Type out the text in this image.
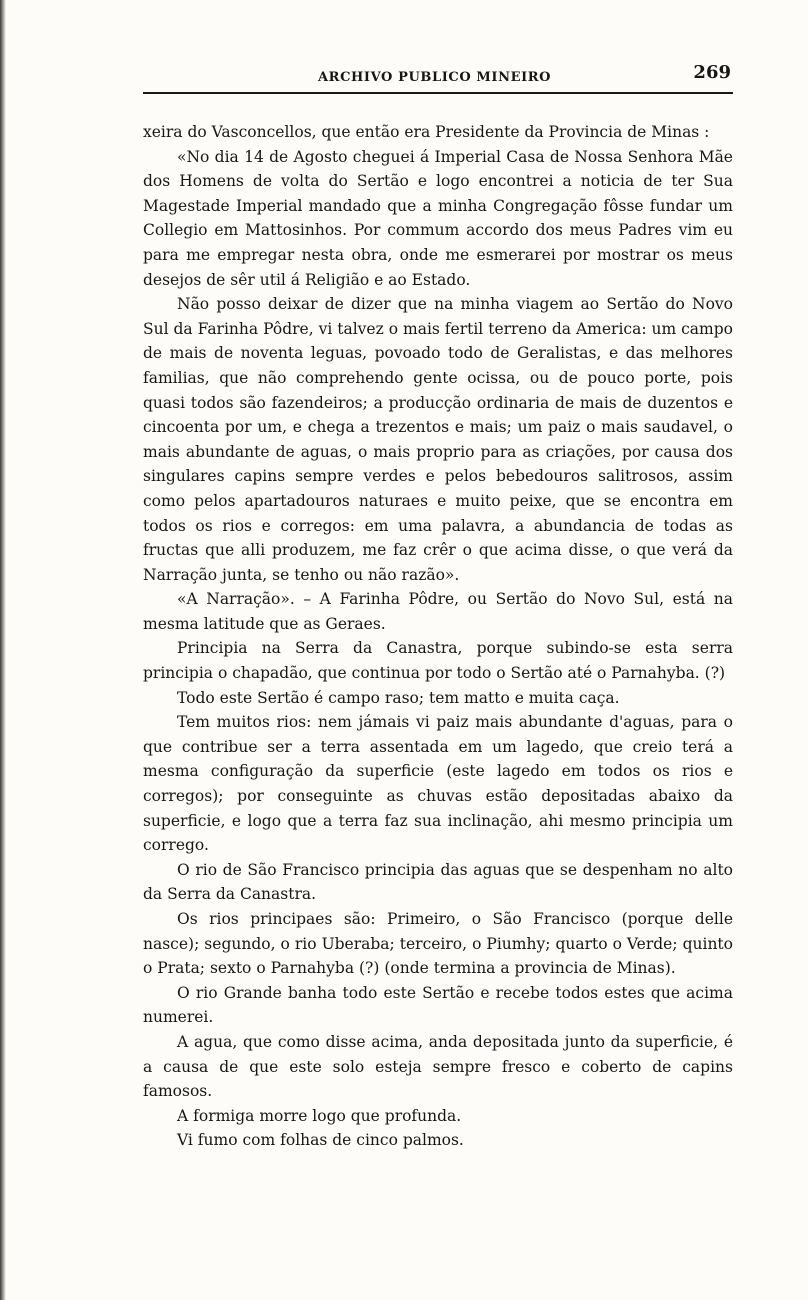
ARCHIVO PUBLICO MINEIRO	269

xeira do Vasconcellos, que então era Presidente da Provincia de Minas :

«No dia 14 de Agosto cheguei á Imperial Casa de Nossa Senhora Mãe dos Homens de volta do Sertão e logo encontrei a noticia de ter Sua Magestade Imperial mandado que a minha Congregação fôsse fundar um Collegio em Mattosinhos. Por commum accordo dos meus Padres vim eu para me empregar nesta obra, onde me esmerarei por mostrar os meus desejos de sêr util á Religião e ao Estado.

Não posso deixar de dizer que na minha viagem ao Sertão do Novo Sul da Farinha Pôdre, vi talvez o mais fertil terreno da America: um campo de mais de noventa leguas, povoado todo de Geralistas, e das melhores familias, que não comprehendo gente ocissa, ou de pouco porte, pois quasi todos são fazendeiros; a producção ordinaria de mais de duzentos e cincoenta por um, e chega a trezentos e mais; um paiz o mais saudavel, o mais abundante de aguas, o mais proprio para as criações, por causa dos singulares capins sempre verdes e pelos bebedouros salitrosos, assim como pelos apartadouros naturaes e muito peixe, que se encontra em todos os rios e corregos: em uma palavra, a abundancia de todas as fructas que alli produzem, me faz crêr o que acima disse, o que verá da Narração junta, se tenho ou não razão».

«A Narração». – A Farinha Pôdre, ou Sertão do Novo Sul, está na mesma latitude que as Geraes.

Principia na Serra da Canastra, porque subindo-se esta serra principia o chapadão, que continua por todo o Sertão até o Parnahyba. (?)

Todo este Sertão é campo raso; tem matto e muita caça.

Tem muitos rios: nem jámais vi paiz mais abundante d'aguas, para o que contribue ser a terra assentada em um lagedo, que creio terá a mesma configuração da superficie (este lagedo em todos os rios e corregos); por conseguinte as chuvas estão depositadas abaixo da superficie, e logo que a terra faz sua inclinação, ahi mesmo principia um corrego.

O rio de São Francisco principia das aguas que se despenham no alto da Serra da Canastra.

Os rios principaes são: Primeiro, o São Francisco (porque delle nasce); segundo, o rio Uberaba; terceiro, o Piumhy; quarto o Verde; quinto o Prata; sexto o Parnahyba (?) (onde termina a provincia de Minas).

O rio Grande banha todo este Sertão e recebe todos estes que acima numerei.

A agua, que como disse acima, anda depositada junto da superficie, é a causa de que este solo esteja sempre fresco e coberto de capins famosos.

A formiga morre logo que profunda.

Vi fumo com folhas de cinco palmos.
